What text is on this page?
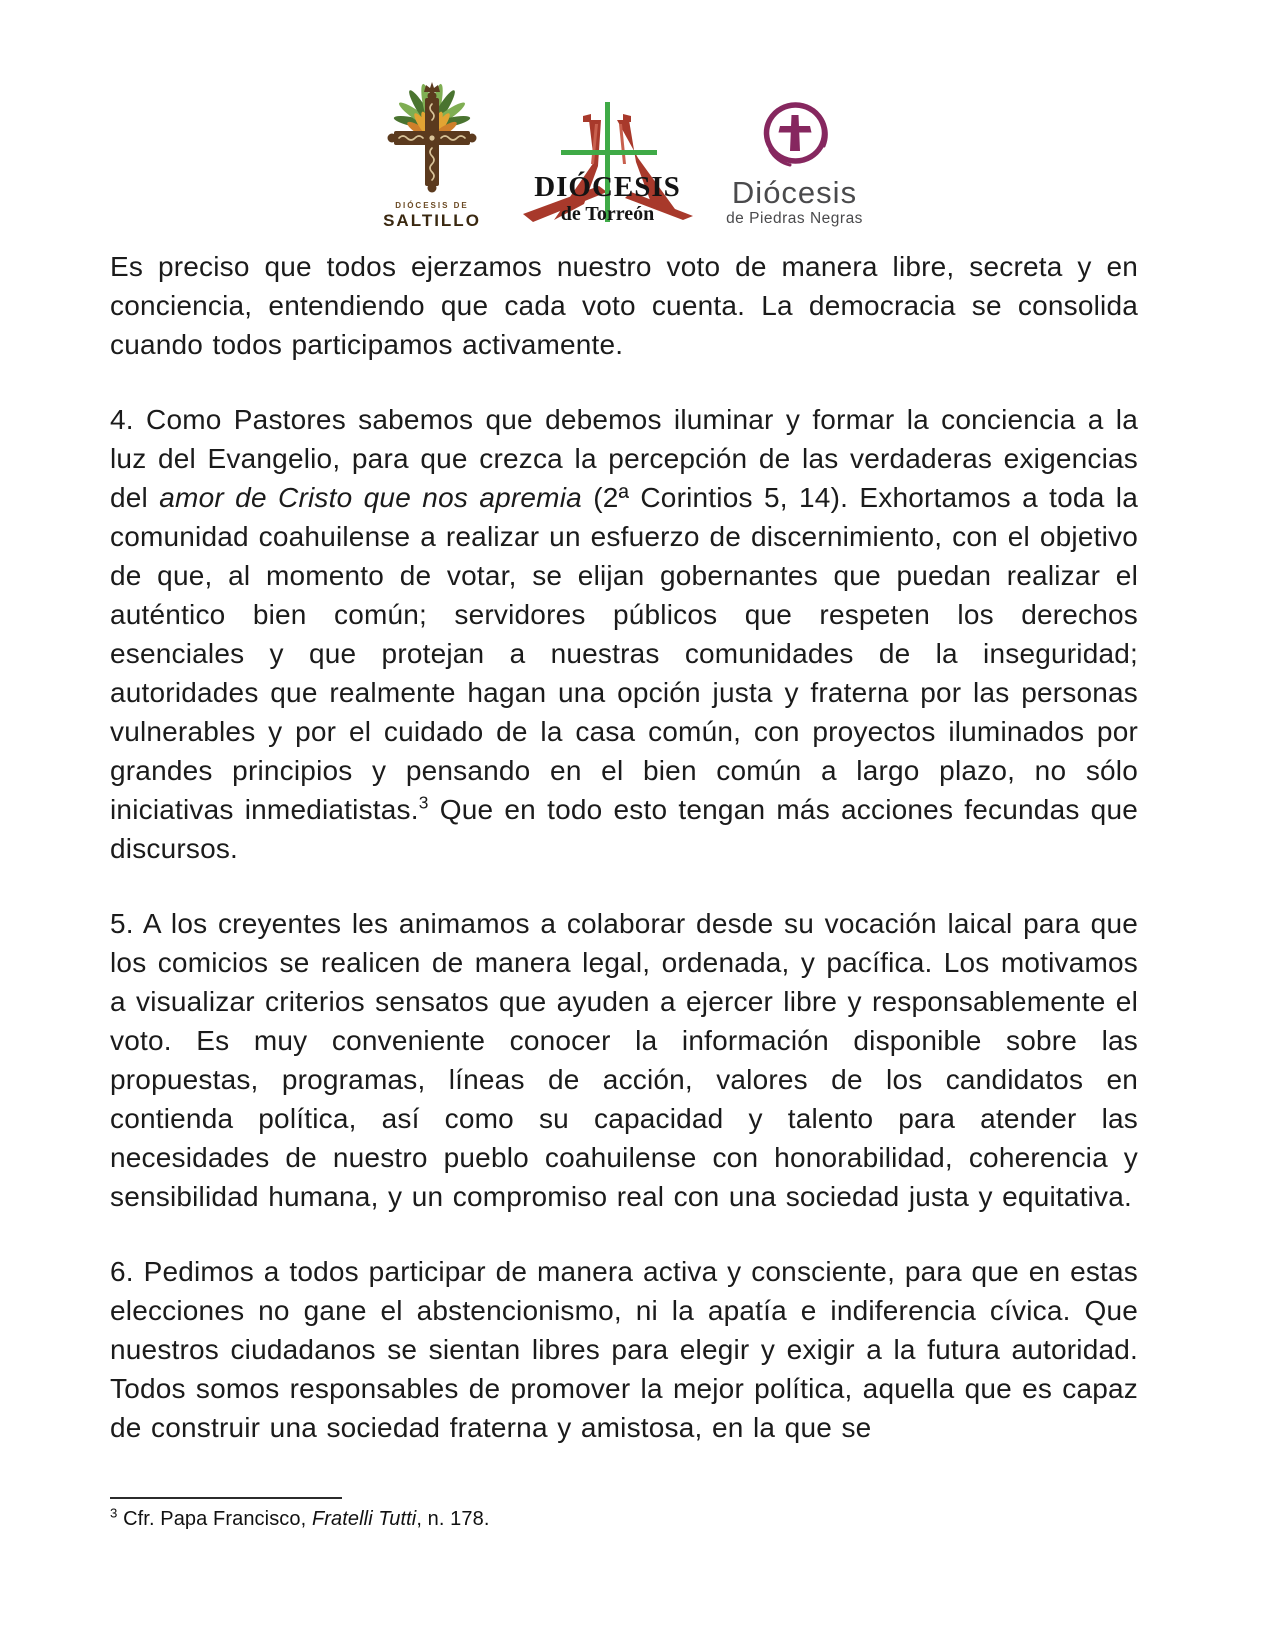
DIÓCESIS DE
SALTILLO
DIÓCESIS
de Torreón
Diócesis
de Piedras Negras

Es preciso que todos ejerzamos nuestro voto de manera libre, secreta y en conciencia, entendiendo que cada voto cuenta. La democracia se consolida cuando todos participamos activamente.

4. Como Pastores sabemos que debemos iluminar y formar la conciencia a la luz del Evangelio, para que crezca la percepción de las verdaderas exigencias del amor de Cristo que nos apremia (2ª Corintios 5, 14). Exhortamos a toda la comunidad coahuilense a realizar un esfuerzo de discernimiento, con el objetivo de que, al momento de votar, se elijan gobernantes que puedan realizar el auténtico bien común; servidores públicos que respeten los derechos esenciales y que protejan a nuestras comunidades de la inseguridad; autoridades que realmente hagan una opción justa y fraterna por las personas vulnerables y por el cuidado de la casa común, con proyectos iluminados por grandes principios y pensando en el bien común a largo plazo, no sólo iniciativas inmediatistas.$^3$ Que en todo esto tengan más acciones fecundas que discursos.

5. A los creyentes les animamos a colaborar desde su vocación laical para que los comicios se realicen de manera legal, ordenada, y pacífica. Los motivamos a visualizar criterios sensatos que ayuden a ejercer libre y responsablemente el voto. Es muy conveniente conocer la información disponible sobre las propuestas, programas, líneas de acción, valores de los candidatos en contienda política, así como su capacidad y talento para atender las necesidades de nuestro pueblo coahuilense con honorabilidad, coherencia y sensibilidad humana, y un compromiso real con una sociedad justa y equitativa.

6. Pedimos a todos participar de manera activa y consciente, para que en estas elecciones no gane el abstencionismo, ni la apatía e indiferencia cívica. Que nuestros ciudadanos se sientan libres para elegir y exigir a la futura autoridad. Todos somos responsables de promover la mejor política, aquella que es capaz de construir una sociedad fraterna y amistosa, en la que se

$^3$ Cfr. Papa Francisco, Fratelli Tutti, n. 178.
